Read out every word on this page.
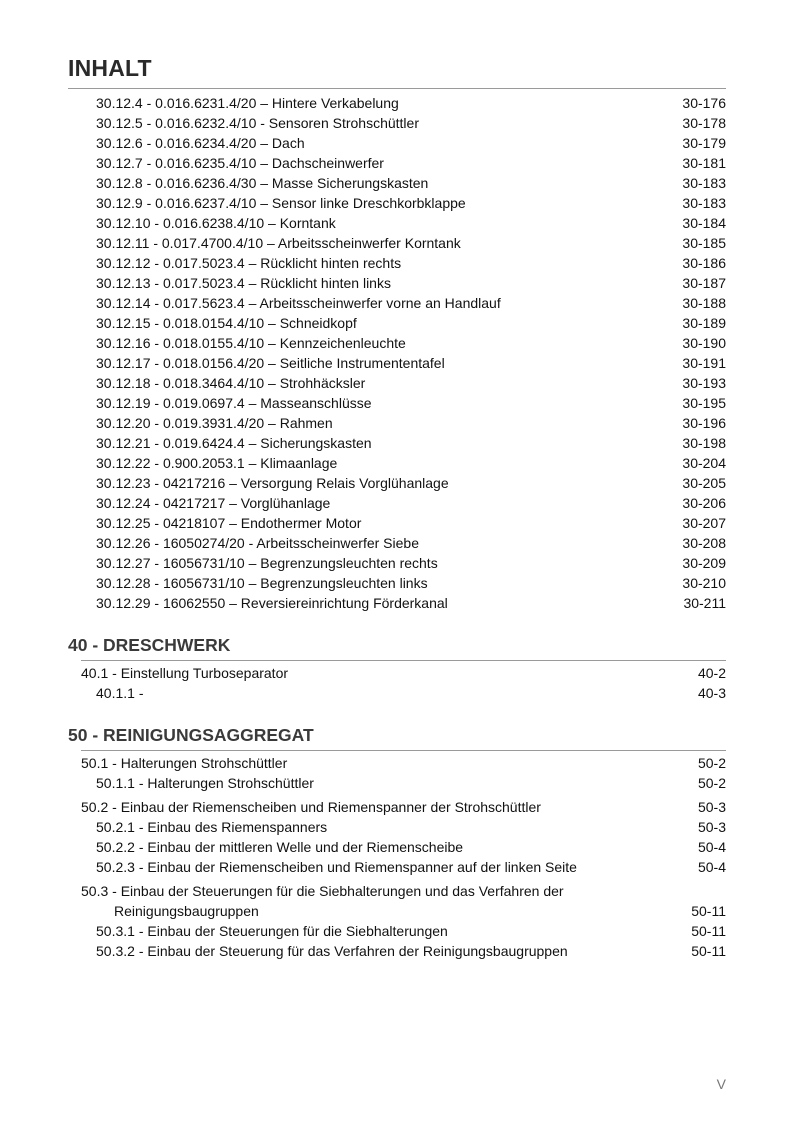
INHALT
30.12.4 - 0.016.6231.4/20 – Hintere Verkabelung	30-176
30.12.5 - 0.016.6232.4/10 - Sensoren Strohschüttler	30-178
30.12.6 - 0.016.6234.4/20 – Dach	30-179
30.12.7 - 0.016.6235.4/10 – Dachscheinwerfer	30-181
30.12.8 - 0.016.6236.4/30 – Masse Sicherungskasten	30-183
30.12.9 - 0.016.6237.4/10 – Sensor linke Dreschkorbklappe	30-183
30.12.10 - 0.016.6238.4/10 – Korntank	30-184
30.12.11 - 0.017.4700.4/10 – Arbeitsscheinwerfer Korntank	30-185
30.12.12 - 0.017.5023.4 – Rücklicht hinten rechts	30-186
30.12.13 - 0.017.5023.4 – Rücklicht hinten links	30-187
30.12.14 - 0.017.5623.4 – Arbeitsscheinwerfer vorne an Handlauf	30-188
30.12.15 - 0.018.0154.4/10 – Schneidkopf	30-189
30.12.16 - 0.018.0155.4/10 – Kennzeichenleuchte	30-190
30.12.17 - 0.018.0156.4/20 – Seitliche Instrumententafel	30-191
30.12.18 - 0.018.3464.4/10 – Strohhäcksler	30-193
30.12.19 - 0.019.0697.4 – Masseanschlüsse	30-195
30.12.20 - 0.019.3931.4/20 – Rahmen	30-196
30.12.21 - 0.019.6424.4 – Sicherungskasten	30-198
30.12.22 - 0.900.2053.1 – Klimaanlage	30-204
30.12.23 - 04217216 – Versorgung Relais Vorglühanlage	30-205
30.12.24 - 04217217 – Vorglühanlage	30-206
30.12.25 - 04218107 – Endothermer Motor	30-207
30.12.26 - 16050274/20 - Arbeitsscheinwerfer Siebe	30-208
30.12.27 - 16056731/10 – Begrenzungsleuchten rechts	30-209
30.12.28 - 16056731/10 – Begrenzungsleuchten links	30-210
30.12.29 - 16062550 – Reversiereinrichtung Förderkanal	30-211
40 - DRESCHWERK
40.1 - Einstellung Turboseparator	40-2
40.1.1 -	40-3
50 - REINIGUNGSAGGREGAT
50.1 - Halterungen Strohschüttler	50-2
50.1.1 - Halterungen Strohschüttler	50-2
50.2 - Einbau der Riemenscheiben und Riemenspanner der Strohschüttler	50-3
50.2.1 - Einbau des Riemenspanners	50-3
50.2.2 - Einbau der mittleren Welle und der Riemenscheibe	50-4
50.2.3 - Einbau der Riemenscheiben und Riemenspanner auf der linken Seite	50-4
50.3 - Einbau der Steuerungen für die Siebhalterungen und das Verfahren der
Reinigungsbaugruppen	50-11
50.3.1 - Einbau der Steuerungen für die Siebhalterungen	50-11
50.3.2 - Einbau der Steuerung für das Verfahren der Reinigungsbaugruppen	50-11
V
